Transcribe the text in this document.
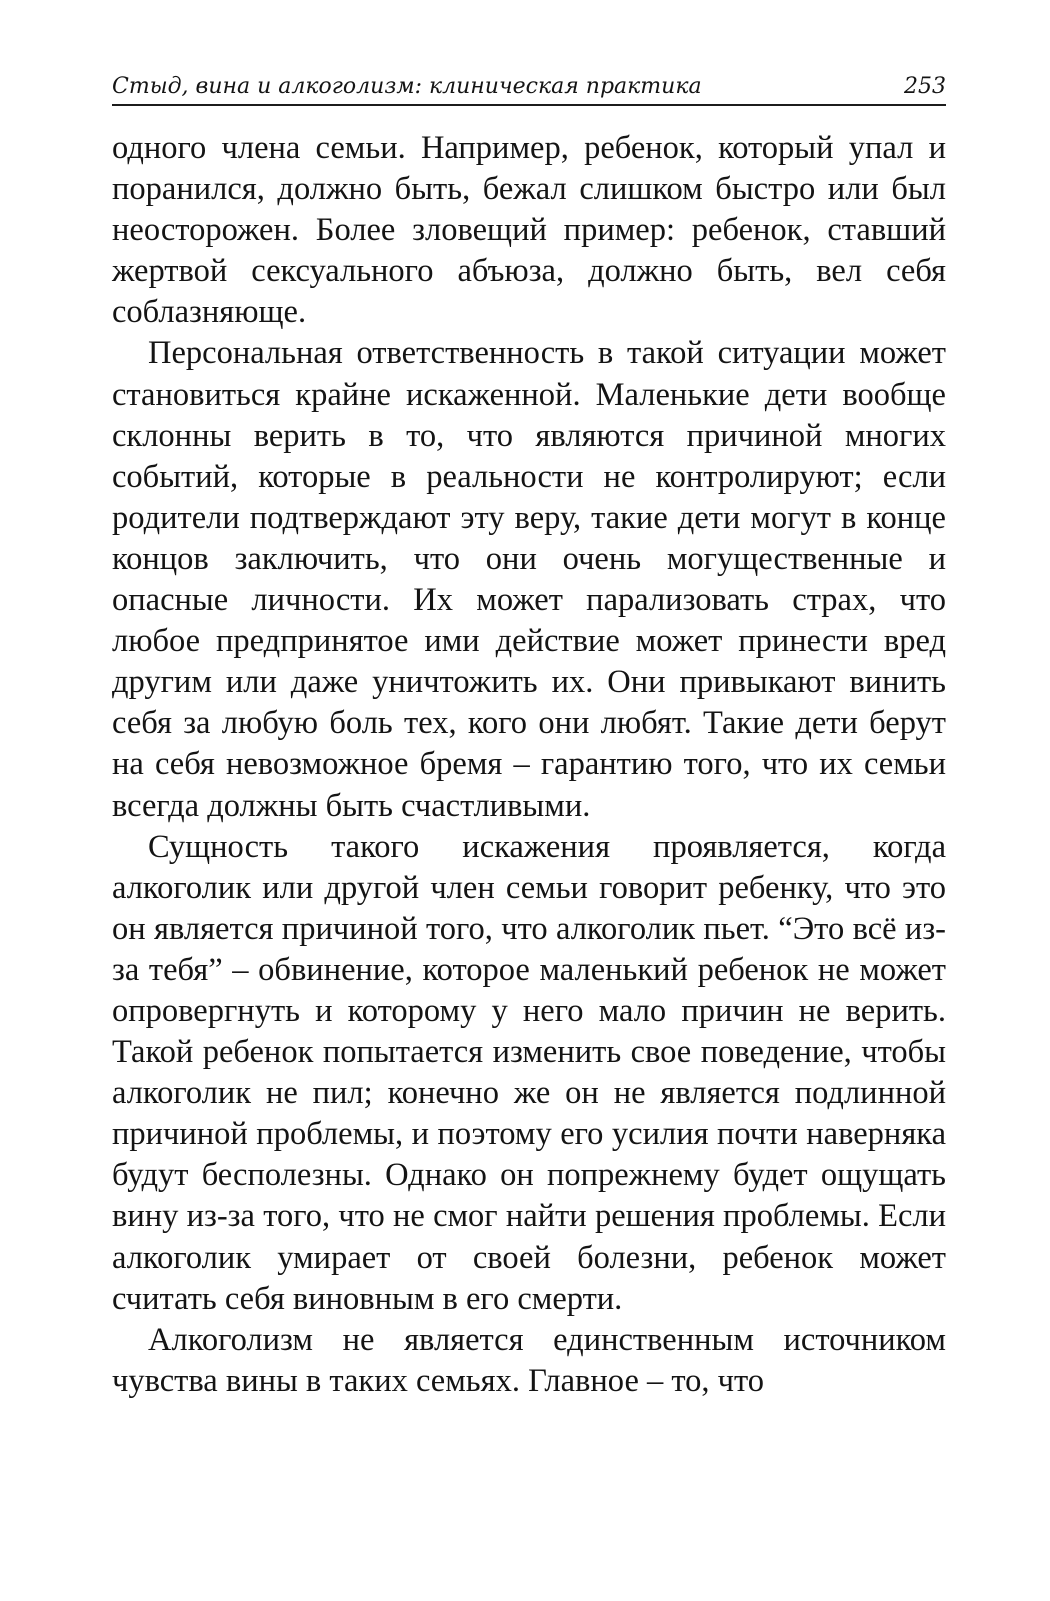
Стыд, вина и алкоголизм: клиническая практика	253

одного члена семьи. Например, ребенок, который упал и поранился, должно быть, бежал слишком быстро или был неосторожен. Более зловещий пример: ребенок, ставший жертвой сексуального абъюза, должно быть, вел себя соблазняюще.

Персональная ответственность в такой ситуации может становиться крайне искаженной. Маленькие дети вообще склонны верить в то, что являются причиной многих событий, которые в реальности не контролируют; если родители подтверждают эту веру, такие дети могут в конце концов заключить, что они очень могущественные и опасные личности. Их может парализовать страх, что любое предпринятое ими действие может принести вред другим или даже уничтожить их. Они привыкают винить себя за любую боль тех, кого они любят. Такие дети берут на себя невозможное бремя – гарантию того, что их семьи всегда должны быть счастливыми.

Сущность такого искажения проявляется, когда алкоголик или другой член семьи говорит ребенку, что это он является причиной того, что алкоголик пьет. “Это всё из-за тебя” – обвинение, которое маленький ребенок не может опровергнуть и которому у него мало причин не верить. Такой ребенок попытается изменить свое поведение, чтобы алкоголик не пил; конечно же он не является подлинной причиной проблемы, и поэтому его усилия почти наверняка будут бесполезны. Однако он попрежнему будет ощущать вину из-за того, что не смог найти решения проблемы. Если алкоголик умирает от своей болезни, ребенок может считать себя виновным в его смерти.

Алкоголизм не является единственным источником чувства вины в таких семьях. Главное – то, что
